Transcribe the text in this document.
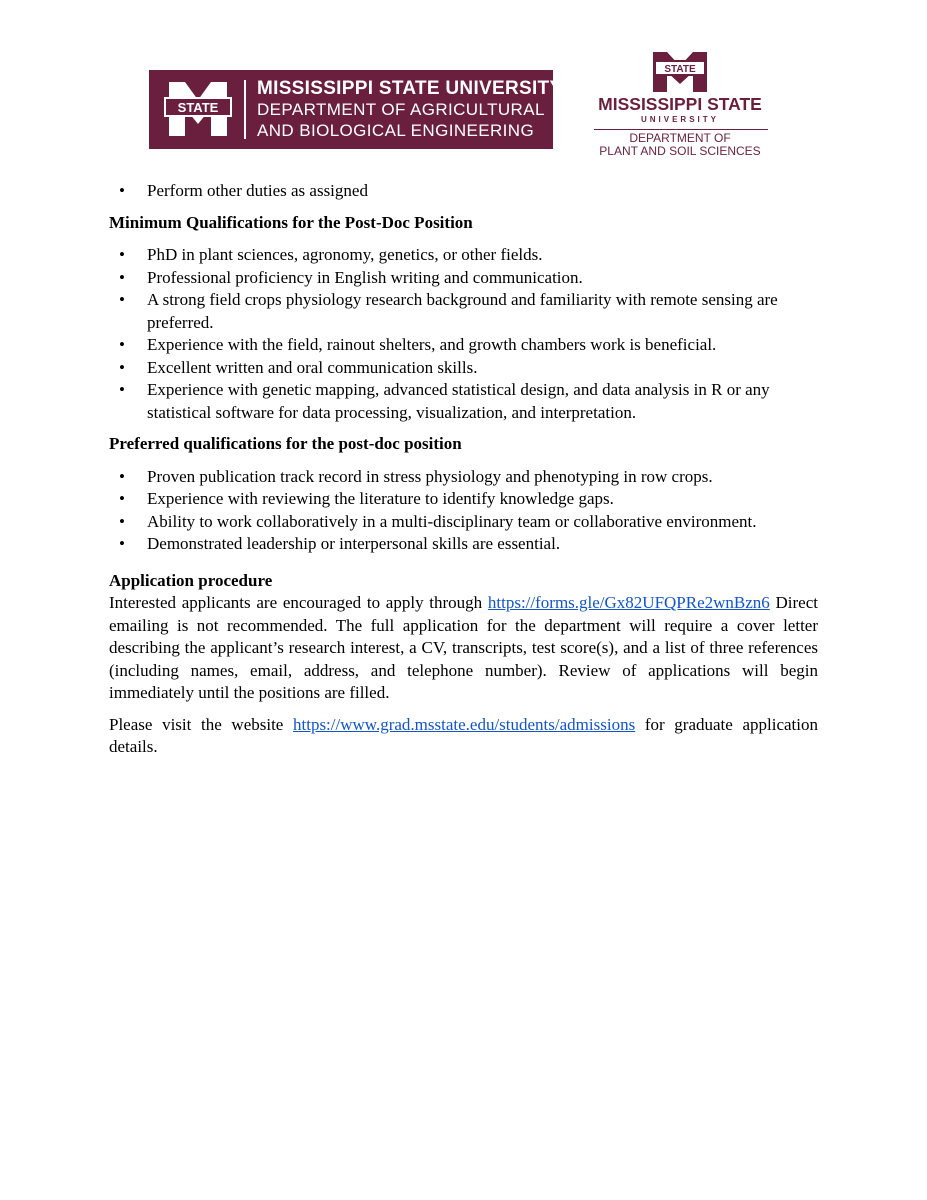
STATE
MISSISSIPPI STATE UNIVERSITY™
DEPARTMENT OF AGRICULTURAL
AND BIOLOGICAL ENGINEERING
STATE
MISSISSIPPI STATE
UNIVERSITY
DEPARTMENT OF
PLANT AND SOIL SCIENCES
• Perform other duties as assigned
Minimum Qualifications for the Post-Doc Position
• PhD in plant sciences, agronomy, genetics, or other fields.
• Professional proficiency in English writing and communication.
• A strong field crops physiology research background and familiarity with remote sensing are preferred.
• Experience with the field, rainout shelters, and growth chambers work is beneficial.
• Excellent written and oral communication skills.
• Experience with genetic mapping, advanced statistical design, and data analysis in R or any statistical software for data processing, visualization, and interpretation.
Preferred qualifications for the post-doc position
• Proven publication track record in stress physiology and phenotyping in row crops.
• Experience with reviewing the literature to identify knowledge gaps.
• Ability to work collaboratively in a multi-disciplinary team or collaborative environment.
• Demonstrated leadership or interpersonal skills are essential.
Application procedure
Interested applicants are encouraged to apply through https://forms.gle/Gx82UFQPRe2wnBzn6 Direct emailing is not recommended. The full application for the department will require a cover letter describing the applicant’s research interest, a CV, transcripts, test score(s), and a list of three references (including names, email, address, and telephone number). Review of applications will begin immediately until the positions are filled.
Please visit the website https://www.grad.msstate.edu/students/admissions for graduate application details.
